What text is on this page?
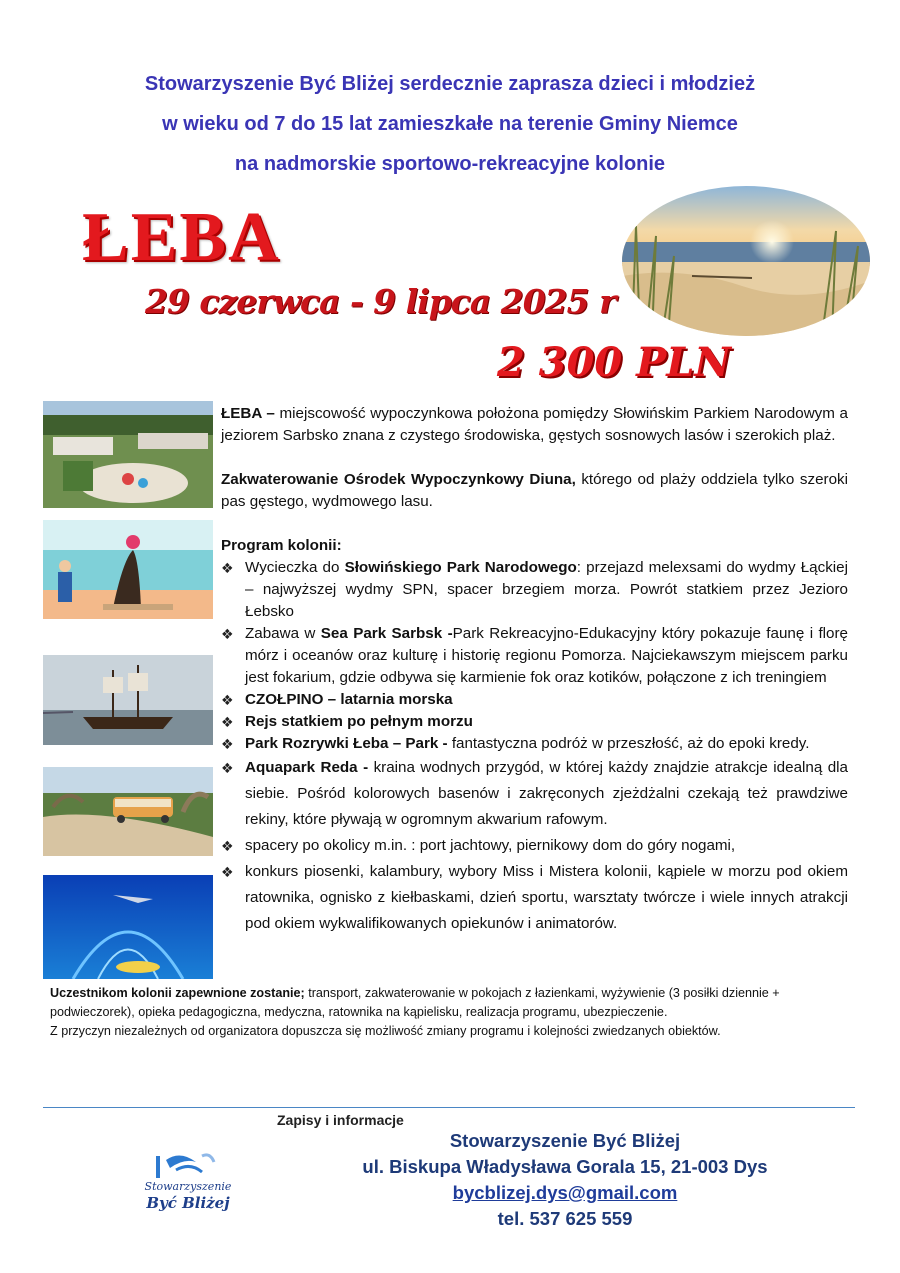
Stowarzyszenie Być Bliżej serdecznie zaprasza dzieci i młodzież
w wieku od 7 do 15 lat zamieszkałe na terenie Gminy Niemce
na nadmorskie sportowo-rekreacyjne kolonie
ŁEBA
29 czerwca - 9 lipca 2025 r
2 300 PLN

ŁEBA – miejscowość wypoczynkowa położona pomiędzy Słowińskim Parkiem Narodowym a jeziorem Sarbsko znana z czystego środowiska, gęstych sosnowych lasów i szerokich plaż.

Zakwaterowanie Ośrodek Wypoczynkowy Diuna, którego od plaży oddziela tylko szeroki pas gęstego, wydmowego lasu.

Program kolonii:

❖ Wycieczka do Słowińskiego Park Narodowego: przejazd melexsami do wydmy Łąckiej – najwyższej wydmy SPN, spacer brzegiem morza. Powrót statkiem przez Jezioro Łebsko
❖ Zabawa w Sea Park Sarbsk -Park Rekreacyjno-Edukacyjny który pokazuje faunę i florę mórz i oceanów oraz kulturę i historię regionu Pomorza. Najciekawszym miejscem parku jest fokarium, gdzie odbywa się karmienie fok oraz kotików, połączone z ich treningiem
❖ CZOŁPINO – latarnia morska
❖ Rejs statkiem po pełnym morzu
❖ Park Rozrywki Łeba – Park - fantastyczna podróż w przeszłość, aż do epoki kredy.
❖ Aquapark Reda - kraina wodnych przygód, w której każdy znajdzie atrakcje idealną dla siebie. Pośród kolorowych basenów i zakręconych zjeżdżalni czekają też prawdziwe rekiny, które pływają w ogromnym akwarium rafowym.
❖ spacery po okolicy m.in. : port jachtowy, piernikowy dom do góry nogami,
❖ konkurs piosenki, kalambury, wybory Miss i Mistera kolonii, kąpiele w morzu pod okiem ratownika, ognisko z kiełbaskami, dzień sportu, warsztaty twórcze i wiele innych atrakcji pod okiem wykwalifikowanych opiekunów i animatorów.

Uczestnikom kolonii zapewnione zostanie; transport, zakwaterowanie w pokojach z łazienkami, wyżywienie (3 posiłki dziennie + podwieczorek), opieka pedagogiczna, medyczna, ratownika na kąpielisku, realizacja programu, ubezpieczenie.

Z przyczyn niezależnych od organizatora dopuszcza się możliwość zmiany programu i kolejności zwiedzanych obiektów.

Zapisy i informacje
Stowarzyszenie
Być Bliżej
Stowarzyszenie Być Bliżej
ul. Biskupa Władysława Gorala 15, 21-003 Dys
bycblizej.dys@gmail.com
tel. 537 625 559
